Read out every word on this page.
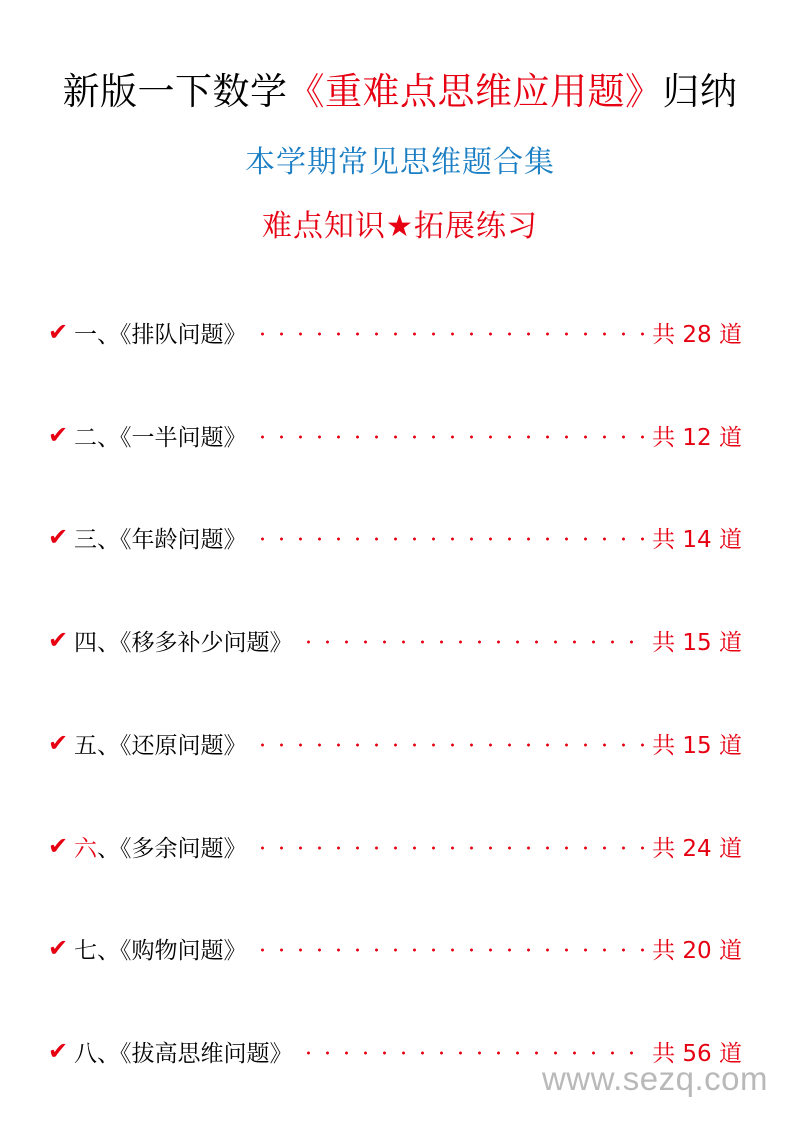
新版一下数学《重难点思维应用题》归纳
本学期常见思维题合集
难点知识★拓展练习
✔ 一 、《排队问题》	共 28 道
✔ 二 、《一半问题》	共 12 道
✔ 三 、《年龄问题》	共 14 道
✔ 四 、《移多补少问题》	共 15 道
✔ 五 、《还原问题》	共 15 道
✔ 六 、《多余问题》	共 24 道
✔ 七 、《购物问题》	共 20 道
✔ 八 、《拔高思维问题》	共 56 道
www.sezq.com
